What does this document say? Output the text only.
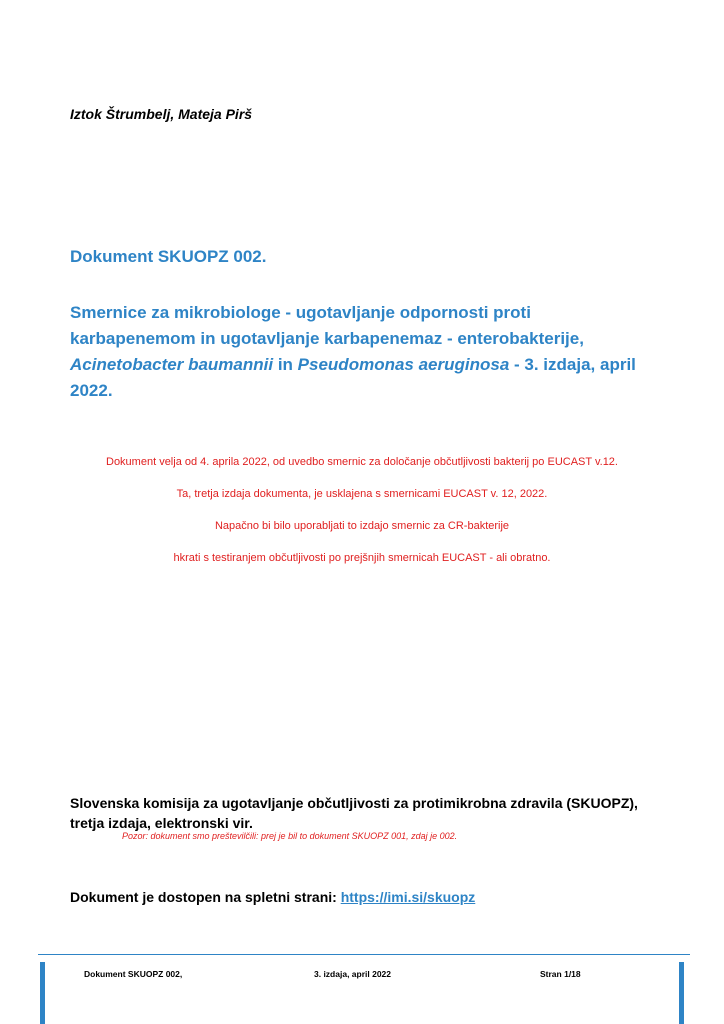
Iztok Štrumbelj, Mateja Pirš
Dokument SKUOPZ 002.
Smernice za mikrobiologe - ugotavljanje odpornosti proti karbapenemom in ugotavljanje karbapenemaz - enterobakterije, Acinetobacter baumannii in Pseudomonas aeruginosa - 3. izdaja, april 2022.
Dokument velja od 4. aprila 2022, od uvedbo smernic za določanje občutljivosti bakterij po EUCAST v.12.
Ta, tretja izdaja dokumenta, je usklajena s smernicami EUCAST v. 12, 2022.
Napačno bi bilo uporabljati to izdajo smernic za CR-bakterije
hkrati s testiranjem občutljivosti po prejšnjih smernicah EUCAST - ali obratno.
Slovenska komisija za ugotavljanje občutljivosti za protimikrobna zdravila (SKUOPZ), tretja izdaja, elektronski vir.
Pozor: dokument smo preštevilčili: prej je bil to dokument SKUOPZ 001, zdaj je 002.
Dokument je dostopen na spletni strani: https://imi.si/skuopz
Dokument SKUOPZ 002,	3. izdaja, april 2022	Stran 1/18
